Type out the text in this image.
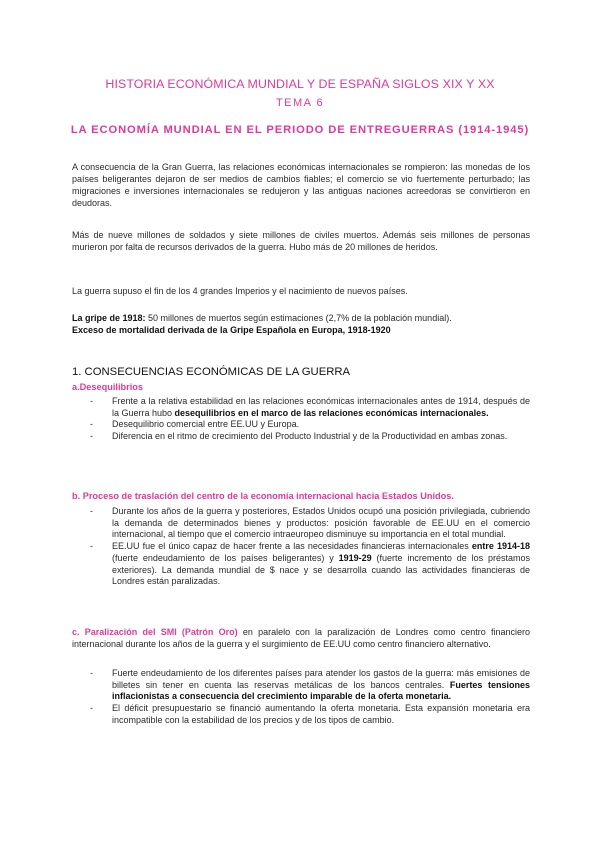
HISTORIA ECONÓMICA MUNDIAL Y DE ESPAÑA SIGLOS XIX Y XX
TEMA 6
LA ECONOMÍA MUNDIAL EN EL PERIODO DE ENTREGUERRAS (1914-1945)

A consecuencia de la Gran Guerra, las relaciones económicas internacionales se rompieron: las monedas de los países beligerantes dejaron de ser medios de cambios fiables; el comercio se vio fuertemente perturbado; las migraciones e inversiones internacionales se redujeron y las antiguas naciones acreedoras se convirtieron en deudoras.

Más de nueve millones de soldados y siete millones de civiles muertos. Además seis millones de personas murieron por falta de recursos derivados de la guerra. Hubo más de 20 millones de heridos.

La guerra supuso el fin de los 4 grandes Imperios y el nacimiento de nuevos países.

La gripe de 1918: 50 millones de muertos según estimaciones (2,7% de la población mundial).

Exceso de mortalidad derivada de la Gripe Española en Europa, 1918-1920

1. CONSECUENCIAS ECONÓMICAS DE LA GUERRA
a.Desequilibrios
- Frente a la relativa estabilidad en las relaciones económicas internacionales antes de 1914, después de la Guerra hubo desequilibrios en el marco de las relaciones económicas internacionales.
- Desequilibrio comercial entre EE.UU y Europa.
- Diferencia en el ritmo de crecimiento del Producto Industrial y de la Productividad en ambas zonas.
b. Proceso de traslación del centro de la economía internacional hacia Estados Unidos.
- Durante los años de la guerra y posteriores, Estados Unidos ocupó una posición privilegiada, cubriendo la demanda de determinados bienes y productos: posición favorable de EE.UU en el comercio internacional, al tiempo que el comercio intraeuropeo disminuye su importancia en el total mundial.
- EE.UU fue el único capaz de hacer frente a las necesidades financieras internacionales entre 1914-18 (fuerte endeudamiento de los países beligerantes) y 1919-29 (fuerte incremento de los préstamos exteriores). La demanda mundial de $ nace y se desarrolla cuando las actividades financieras de Londres están paralizadas.
c. Paralización del SMI (Patrón Oro) en paralelo con la paralización de Londres como centro financiero internacional durante los años de la guerra y el surgimiento de EE.UU como centro financiero alternativo.
- Fuerte endeudamiento de los diferentes países para atender los gastos de la guerra: más emisiones de billetes sin tener en cuenta las reservas metálicas de los bancos centrales. Fuertes tensiones inflacionistas a consecuencia del crecimiento imparable de la oferta monetaria.
- El déficit presupuestario se financió aumentando la oferta monetaria. Esta expansión monetaria era incompatible con la estabilidad de los precios y de los tipos de cambio.
